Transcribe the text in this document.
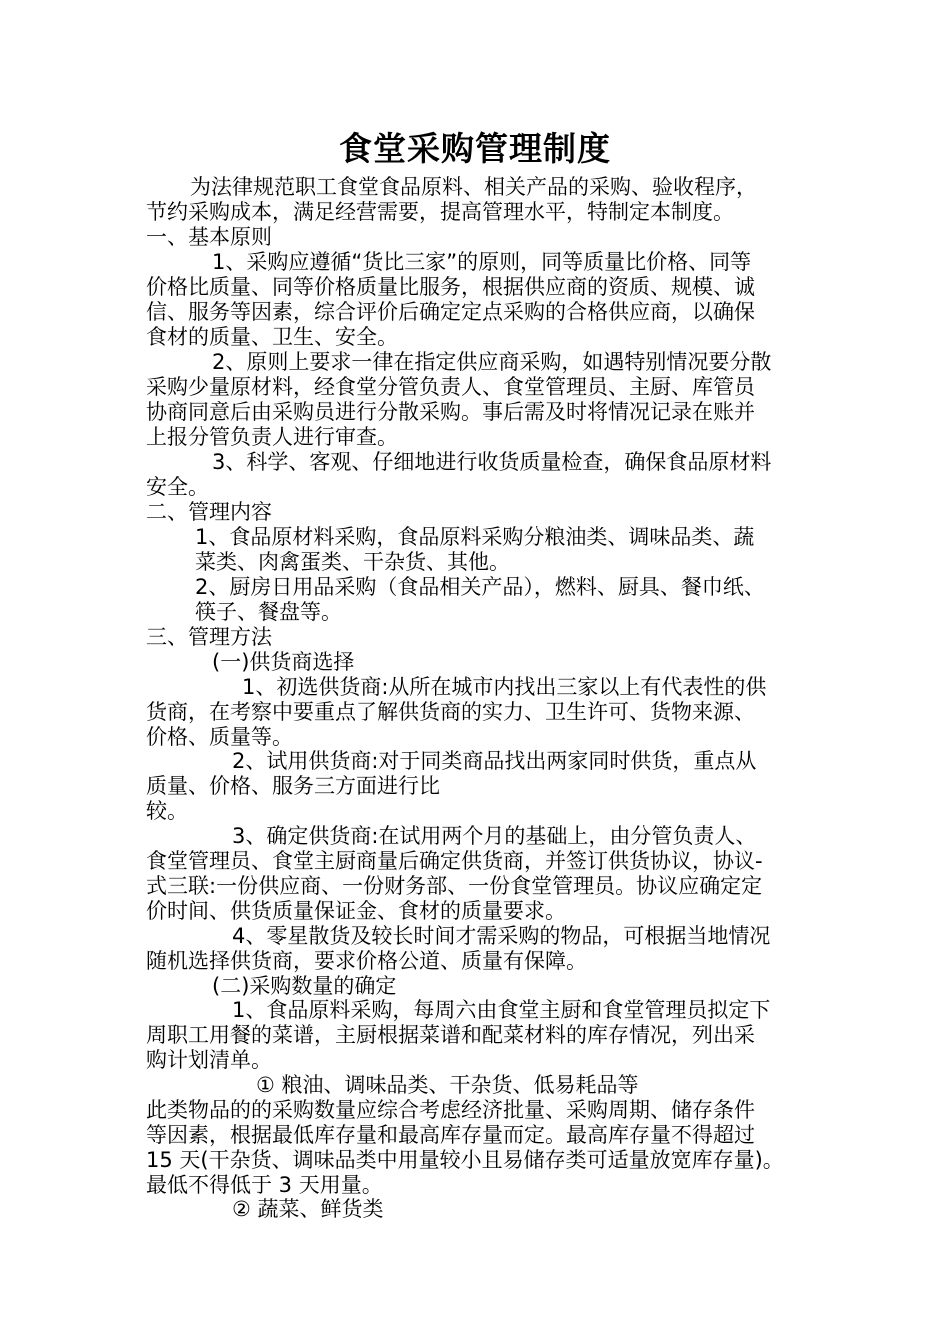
食堂采购管理制度
为法律规范职工食堂食品原料、相关产品的采购、验收程序，
节约采购成本，满足经营需要，提高管理水平，特制定本制度。
一、基本原则
1、采购应遵循“货比三家”的原则，同等质量比价格、同等
价格比质量、同等价格质量比服务，根据供应商的资质、规模、诚
信、服务等因素，综合评价后确定定点采购的合格供应商，以确保
食材的质量、卫生、安全。
2、原则上要求一律在指定供应商采购，如遇特别情况要分散
采购少量原材料，经食堂分管负责人、食堂管理员、主厨、库管员
协商同意后由采购员进行分散采购。事后需及时将情况记录在账并
上报分管负责人进行审查。
3、科学、客观、仔细地进行收货质量检查，确保食品原材料
安全。
二、管理内容
1、食品原材料采购，食品原料采购分粮油类、调味品类、蔬
菜类、肉禽蛋类、干杂货、其他。
2、厨房日用品采购（食品相关产品），燃料、厨具、餐巾纸、
筷子、餐盘等。
三、管理方法
(一)供货商选择
1、初选供货商:从所在城市内找出三家以上有代表性的供
货商，在考察中要重点了解供货商的实力、卫生许可、货物来源、
价格、质量等。
2、试用供货商:对于同类商品找出两家同时供货，重点从
质量、价格、服务三方面进行比
较。
3、确定供货商:在试用两个月的基础上，由分管负责人、
食堂管理员、食堂主厨商量后确定供货商，并签订供货协议，协议-
式三联:一份供应商、一份财务部、一份食堂管理员。协议应确定定
价时间、供货质量保证金、食材的质量要求。
4、零星散货及较长时间才需采购的物品，可根据当地情况
随机选择供货商，要求价格公道、质量有保障。
(二)采购数量的确定
1、食品原料采购，每周六由食堂主厨和食堂管理员拟定下
周职工用餐的菜谱，主厨根据菜谱和配菜材料的库存情况，列出采
购计划清单。
① 粮油、调味品类、干杂货、低易耗品等
此类物品的的采购数量应综合考虑经济批量、采购周期、储存条件
等因素，根据最低库存量和最高库存量而定。最高库存量不得超过
15 天(干杂货、调味品类中用量较小且易储存类可适量放宽库存量)。
最低不得低于 3 天用量。
② 蔬菜、鲜货类
